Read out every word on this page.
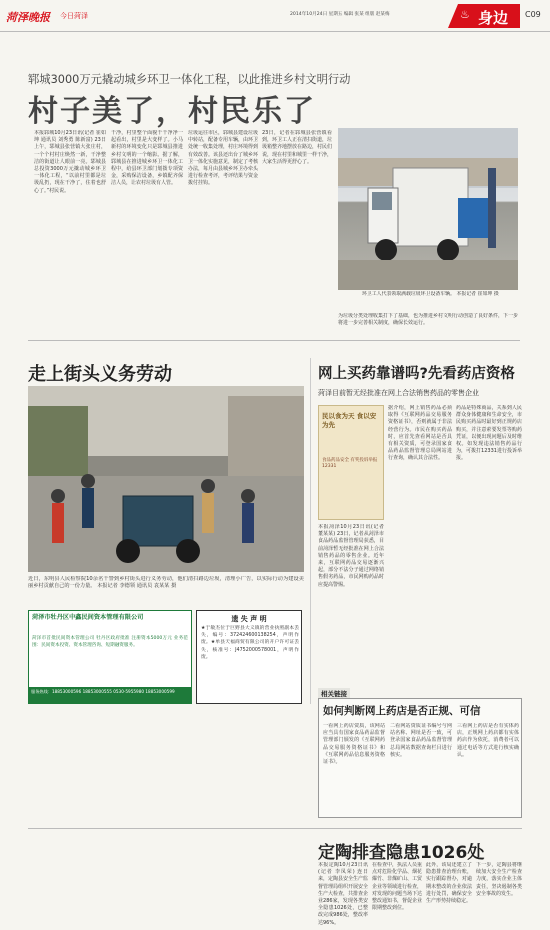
菏泽晚报 今日菏泽	2014年10月24日 星期五 编辑 张某 组版 赵某梅	♨ 身边 C09
郓城3000万元撬动城乡环卫一体化工程，以此推进乡村文明行动
村子美了，村民乐了
本报郓城10月23日讯(记者 崔如坤 通讯员 刘秀勇 陈新富) 23日上午，郓城县张营镇大张庄村，一个个村村庄焕然一新，干净整洁的街道让人眼前一亮。郓城县总投资3000万元撬动城乡环卫一体化工程，“以前村里都是垃圾乱扔，现在干净了，住着也舒心了。”村民说。
干净，村里整个面貌干干净净一起看出，村里是大变样了。小马新村的环境变化只是郓城县推进乡村文明的一个缩影。据了解，郓城县在推进城乡环卫一体化工程中，给县环卫部门划拨专项资金，采购保洁设备，乡镇配齐保洁人员，让农村垃圾有人管。
垃圾运往市区，郓城县建设垃圾中转站，配备专用车辆，由环卫处统一收集处理，村庄环境得到有效改善。该县还出台了城乡环卫一体化实施意见，制定了考核办法，每月由县城乡环卫办牵头进行检查考评，考评结果与资金拨付挂钩。
23日，记者在郓城县张营镇看到，环卫工人正在清扫街道，垃圾箱整齐地摆放在路边，村民们说，现在村里和城里一样干净，大家生活得更舒心了。
环卫工人代表领取满载垃圾环卫设备车辆。 本报记者 崔如坤 摄
为垃圾分类处理收集打下了基础，也为推进乡村文明行动创造了良好条件，下一步将进一步完善相关制度，确保长效运行。
走上街头义务劳动
近日，东明县人民检察院10余名干警到乡村街头进行义务劳动，他们清扫路边垃圾，清理小广告，以实际行动为建设美丽乡村贡献自己的一份力量。 本报记者 李德领 通讯员 袁某某 摄
菏泽市牡丹区中鑫民间资本管理有限公司
菏泽市首批民间资本管理公司 牡丹区政府批准 注册资本5000万元 业务范围：民间资本投资、资本管理咨询、短期融资服务。
服务热线：18853000596 18853000555 0530-5955980 18853000599
遗 失 声 明
★于敏杰位于巨野县大义镇的营业执照副本丢失，编号：372424600138254，声明作废。★单县天福商贸有限公司的开户许可证丢失，核准号：J4752000578001，声明作废。
网上买药靠谱吗?先看药店资格
菏泽目前暂无经批准在网上合法销售药品的零售企业
民以食为天 食以安为先
食品药品安全 有奖投诉举报 12331
本报菏泽10月23日讯(记者 董某某) 23日，记者从菏泽市食品药品监督管理局获悉，目前菏泽暂无经批准在网上合法销售药品的零售企业。近年来，互联网药品交易逐渐兴起，部分不法分子通过网络销售假劣药品，市民网购药品时应提高警惕。
据介绍，网上销售药品必须取得《互联网药品交易服务资格证书》，否则就属于非法经营行为。市民在购买药品时，应首先查看网站是否具有相关资质，可登录国家食品药品监督管理总局网站进行查询，确认其合法性。
药品是特殊商品，关系到人民群众身体健康和生命安全，市民购买药品时最好到正规药店购买，并注意索要发票等购药凭证，以便出现问题后及时维权。如发现违法销售药品行为，可拨打12331进行投诉举报。
相关链接
如何判断网上药店是否正规、可信
一看网上药店资质，该网站应当具有国家食品药品监督管理部门颁发的《互联网药品交易服务资格证书》和《互联网药品信息服务资格证书》。
二看网站资质证书编号与网站名称、网址是否一致，可登录国家食品药品监督管理总局网站数据查询栏目进行核实。
三看网上药店是否有实体药店，正规网上药店都有实体药店作为依托，消费者可以通过电话等方式进行核实确认。
定陶排查隐患1026处
本报定陶10月23日讯(记者 李凤荣) 连日来，定陶县安全生产监督管理局组织开展安全生产大检查，共排查企业286家，发现各类安全隐患1026处，已整改完成986处，整改率达96%。
在检查中，执法人员重点对危险化学品、烟花爆竹、非煤矿山、工贸企业等领域进行检查，对发现的问题当场下达整改通知书，督促企业限期整改到位。
此外，该局还建立了隐患排查治理台账，实行跟踪督办，对逾期未整改的企业依法进行处罚，确保安全生产形势持续稳定。
下一步，定陶县将继续加大安全生产检查力度，落实企业主体责任，坚决遏制各类安全事故的发生。
